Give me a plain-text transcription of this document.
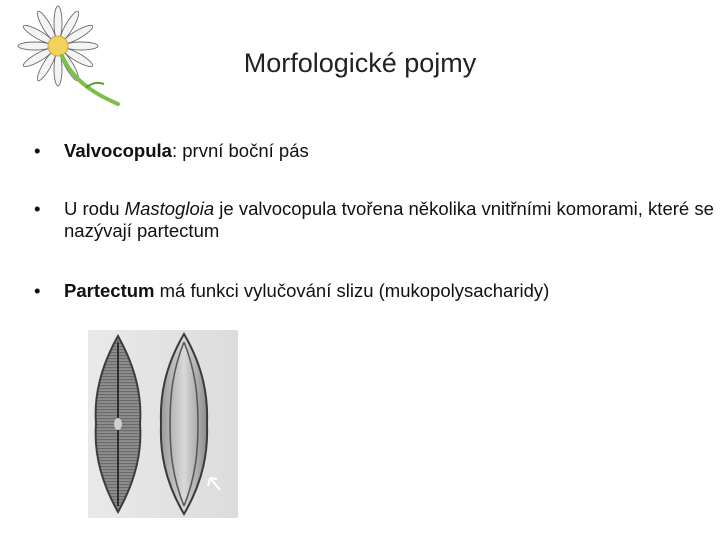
Morfologické pojmy
• Valvocopula: první boční pás
• U rodu Mastogloia je valvocopula tvořena několika vnitřními komorami, které se nazývají partectum
• Partectum má funkci vylučování slizu (mukopolysacharidy)
